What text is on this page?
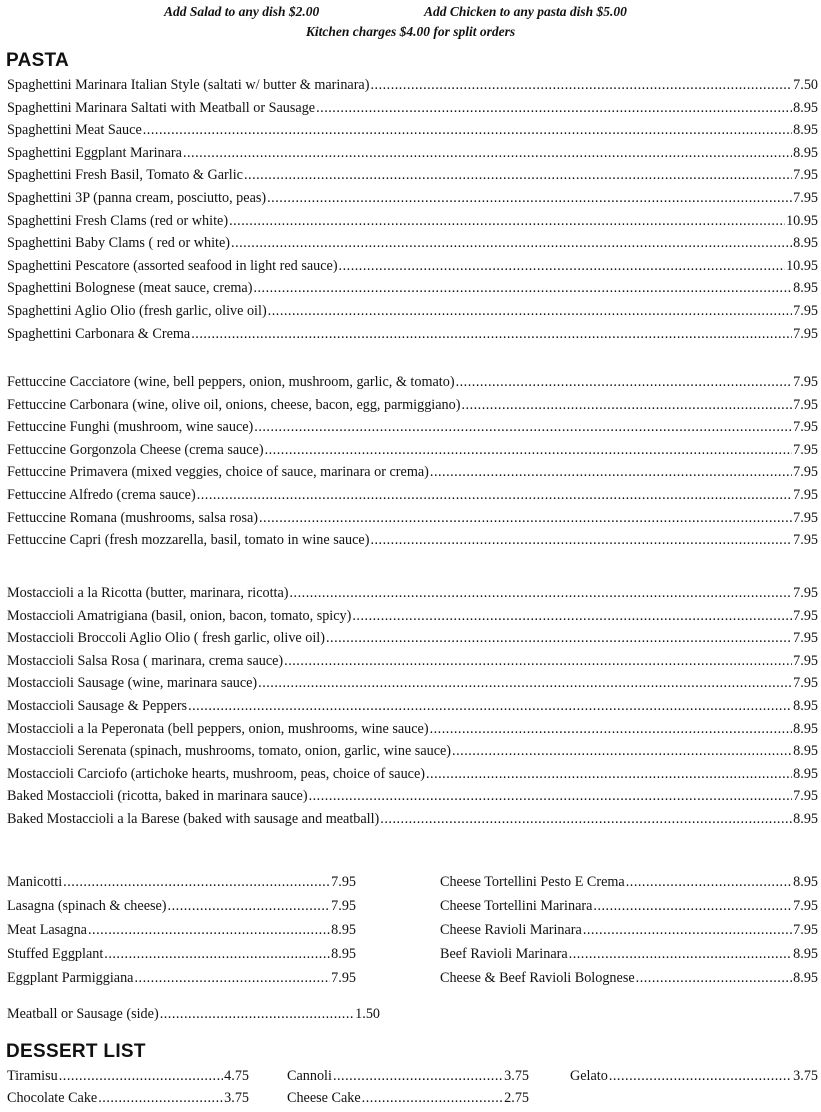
Add Salad to any dish $2.00	Add Chicken to any pasta dish $5.00
Kitchen charges $4.00 for split orders
PASTA
Spaghettini Marinara Italian Style (saltati w/ butter & marinara) .....	7.50
Spaghettini Marinara Saltati with Meatball or Sausage .....	8.95
Spaghettini Meat Sauce .....	8.95
Spaghettini Eggplant Marinara .....	8.95
Spaghettini Fresh Basil, Tomato & Garlic .....	7.95
Spaghettini 3P (panna cream, posciutto, peas) .....	7.95
Spaghettini Fresh Clams (red or white) .....	10.95
Spaghettini Baby Clams ( red or white) .....	8.95
Spaghettini Pescatore (assorted seafood in light red sauce) .....	10.95
Spaghettini Bolognese (meat sauce, crema) .....	8.95
Spaghettini Aglio Olio (fresh garlic, olive oil) .....	7.95
Spaghettini Carbonara & Crema .....	7.95
Fettuccine Cacciatore (wine, bell peppers, onion, mushroom, garlic, & tomato) .....	7.95
Fettuccine Carbonara (wine, olive oil, onions, cheese, bacon, egg, parmiggiano) .....	7.95
Fettuccine Funghi (mushroom, wine sauce) .....	7.95
Fettuccine Gorgonzola Cheese (crema sauce) .....	7.95
Fettuccine Primavera (mixed veggies, choice of sauce, marinara or crema) .....	7.95
Fettuccine Alfredo (crema sauce) .....	7.95
Fettuccine Romana (mushrooms, salsa rosa) .....	7.95
Fettuccine Capri (fresh mozzarella, basil, tomato in wine sauce) .....	7.95
Mostaccioli a la Ricotta (butter, marinara, ricotta) .....	7.95
Mostaccioli Amatrigiana (basil, onion, bacon, tomato, spicy) .....	7.95
Mostaccioli Broccoli Aglio Olio ( fresh garlic, olive oil) .....	7.95
Mostaccioli Salsa Rosa ( marinara, crema sauce) .....	7.95
Mostaccioli Sausage (wine, marinara sauce) .....	7.95
Mostaccioli Sausage & Peppers .....	8.95
Mostaccioli a la Peperonata (bell peppers, onion, mushrooms, wine sauce) .....	8.95
Mostaccioli Serenata (spinach, mushrooms, tomato, onion, garlic, wine sauce) .....	8.95
Mostaccioli Carciofo (artichoke hearts, mushroom, peas, choice of sauce) .....	8.95
Baked Mostaccioli (ricotta, baked in marinara sauce) .....	7.95
Baked Mostaccioli a la Barese (baked with sausage and meatball) .....	8.95
Manicotti .....	7.95
Lasagna (spinach & cheese) .....	7.95
Meat Lasagna .....	8.95
Stuffed Eggplant .....	8.95
Eggplant Parmiggiana .....	7.95
Cheese Tortellini Pesto E Crema .....	8.95
Cheese Tortellini Marinara .....	7.95
Cheese Ravioli Marinara .....	7.95
Beef Ravioli Marinara .....	8.95
Cheese & Beef Ravioli Bolognese .....	8.95
Meatball or Sausage (side) .....	1.50
DESSERT LIST
Tiramisu .....	4.75
Chocolate Cake .....	3.75
Cannoli .....	3.75
Cheese Cake .....	2.75
Gelato .....	3.75
